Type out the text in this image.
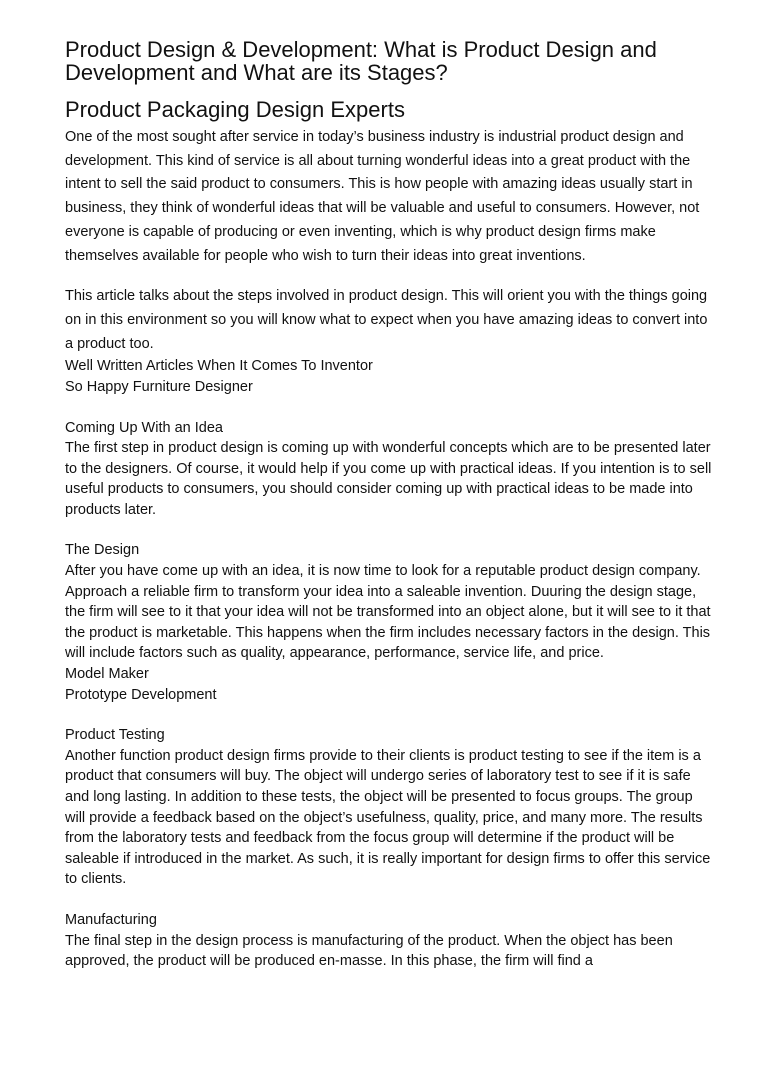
Product Design & Development: What is Product Design and Development and What are its Stages?
Product Packaging Design Experts

One of the most sought after service in today’s business industry is industrial product design and development. This kind of service is all about turning wonderful ideas into a great product with the intent to sell the said product to consumers. This is how people with amazing ideas usually start in business, they think of wonderful ideas that will be valuable and useful to consumers. However, not everyone is capable of producing or even inventing, which is why product design firms make themselves available for people who wish to turn their ideas into great inventions.

This article talks about the steps involved in product design. This will orient you with the things going on in this environment so you will know what to expect when you have amazing ideas to convert into a product too.

Well Written Articles When It Comes To Inventor
So Happy Furniture Designer
Coming Up With an Idea

The first step in product design is coming up with wonderful concepts which are to be presented later to the designers. Of course, it would help if you come up with practical ideas. If you intention is to sell useful products to consumers, you should consider coming up with practical ideas to be made into products later.

The Design

After you have come up with an idea, it is now time to look for a reputable product design company. Approach a reliable firm to transform your idea into a saleable invention. Duuring the design stage, the firm will see to it that your idea will not be transformed into an object alone, but it will see to it that the product is marketable. This happens when the firm includes necessary factors in the design. This will include factors such as quality, appearance, performance, service life, and price.

Model Maker
Prototype Development
Product Testing

Another function product design firms provide to their clients is product testing to see if the item is a product that consumers will buy. The object will undergo series of laboratory test to see if it is safe and long lasting. In addition to these tests, the object will be presented to focus groups. The group will provide a feedback based on the object’s usefulness, quality, price, and many more. The results from the laboratory tests and feedback from the focus group will determine if the product will be saleable if introduced in the market. As such, it is really important for design firms to offer this service to clients.

Manufacturing

The final step in the design process is manufacturing of the product. When the object has been approved, the product will be produced en-masse. In this phase, the firm will find a
